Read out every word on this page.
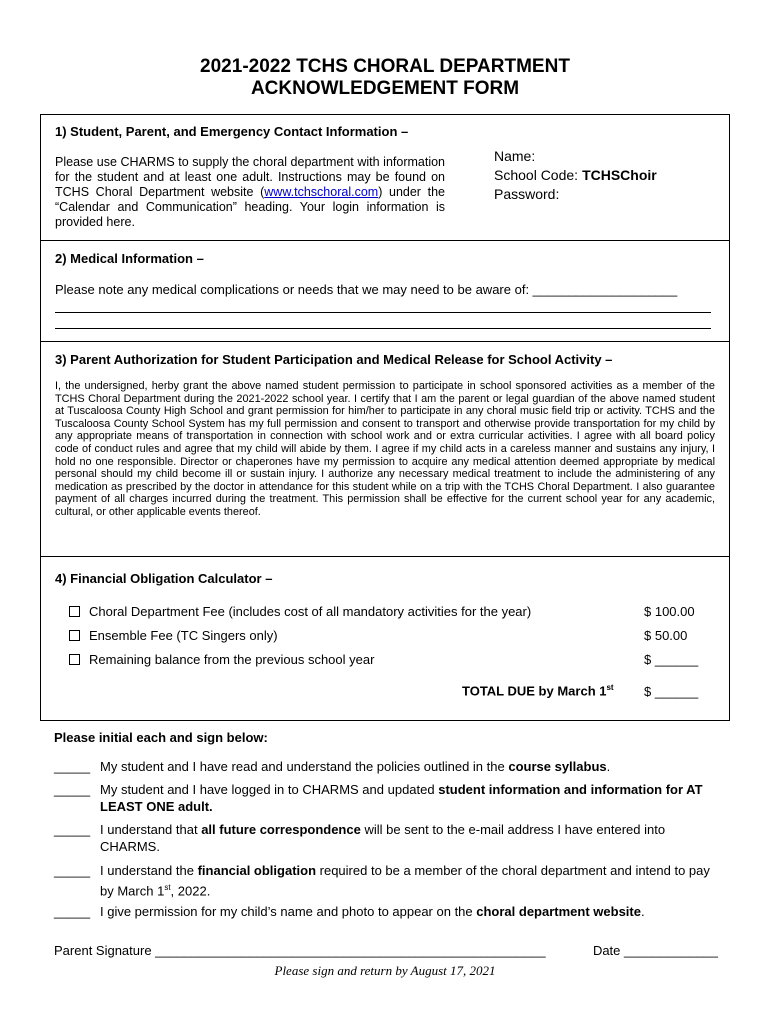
2021-2022 TCHS CHORAL DEPARTMENT
ACKNOWLEDGEMENT FORM
1) Student, Parent, and Emergency Contact Information –
Please use CHARMS to supply the choral department with information for the student and at least one adult. Instructions may be found on TCHS Choral Department website (www.tchschoral.com) under the “Calendar and Communication” heading. Your login information is provided here.
Name:
School Code: TCHSChoir
Password:
2) Medical Information –
Please note any medical complications or needs that we may need to be aware of: ____________________
3) Parent Authorization for Student Participation and Medical Release for School Activity –
I, the undersigned, herby grant the above named student permission to participate in school sponsored activities as a member of the TCHS Choral Department during the 2021-2022 school year. I certify that I am the parent or legal guardian of the above named student at Tuscaloosa County High School and grant permission for him/her to participate in any choral music field trip or activity. TCHS and the Tuscaloosa County School System has my full permission and consent to transport and otherwise provide transportation for my child by any appropriate means of transportation in connection with school work and or extra curricular activities. I agree with all board policy code of conduct rules and agree that my child will abide by them. I agree if my child acts in a careless manner and sustains any injury, I hold no one responsible. Director or chaperones have my permission to acquire any medical attention deemed appropriate by medical personal should my child become ill or sustain injury. I authorize any necessary medical treatment to include the administering of any medication as prescribed by the doctor in attendance for this student while on a trip with the TCHS Choral Department. I also guarantee payment of all charges incurred during the treatment. This permission shall be effective for the current school year for any academic, cultural, or other applicable events thereof.
4) Financial Obligation Calculator –
Choral Department Fee (includes cost of all mandatory activities for the year)	$ 100.00
Ensemble Fee (TC Singers only)	$ 50.00
Remaining balance from the previous school year	$ ______
TOTAL DUE by March 1st $ ______
Please initial each and sign below:
_____ My student and I have read and understand the policies outlined in the course syllabus.
_____ My student and I have logged in to CHARMS and updated student information and information for AT LEAST ONE adult.
_____ I understand that all future correspondence will be sent to the e-mail address I have entered into CHARMS.
_____ I understand the financial obligation required to be a member of the choral department and intend to pay by March 1st, 2022.
_____ I give permission for my child’s name and photo to appear on the choral department website.
Parent Signature ______________________________________________________	Date _____________
Please sign and return by August 17, 2021
